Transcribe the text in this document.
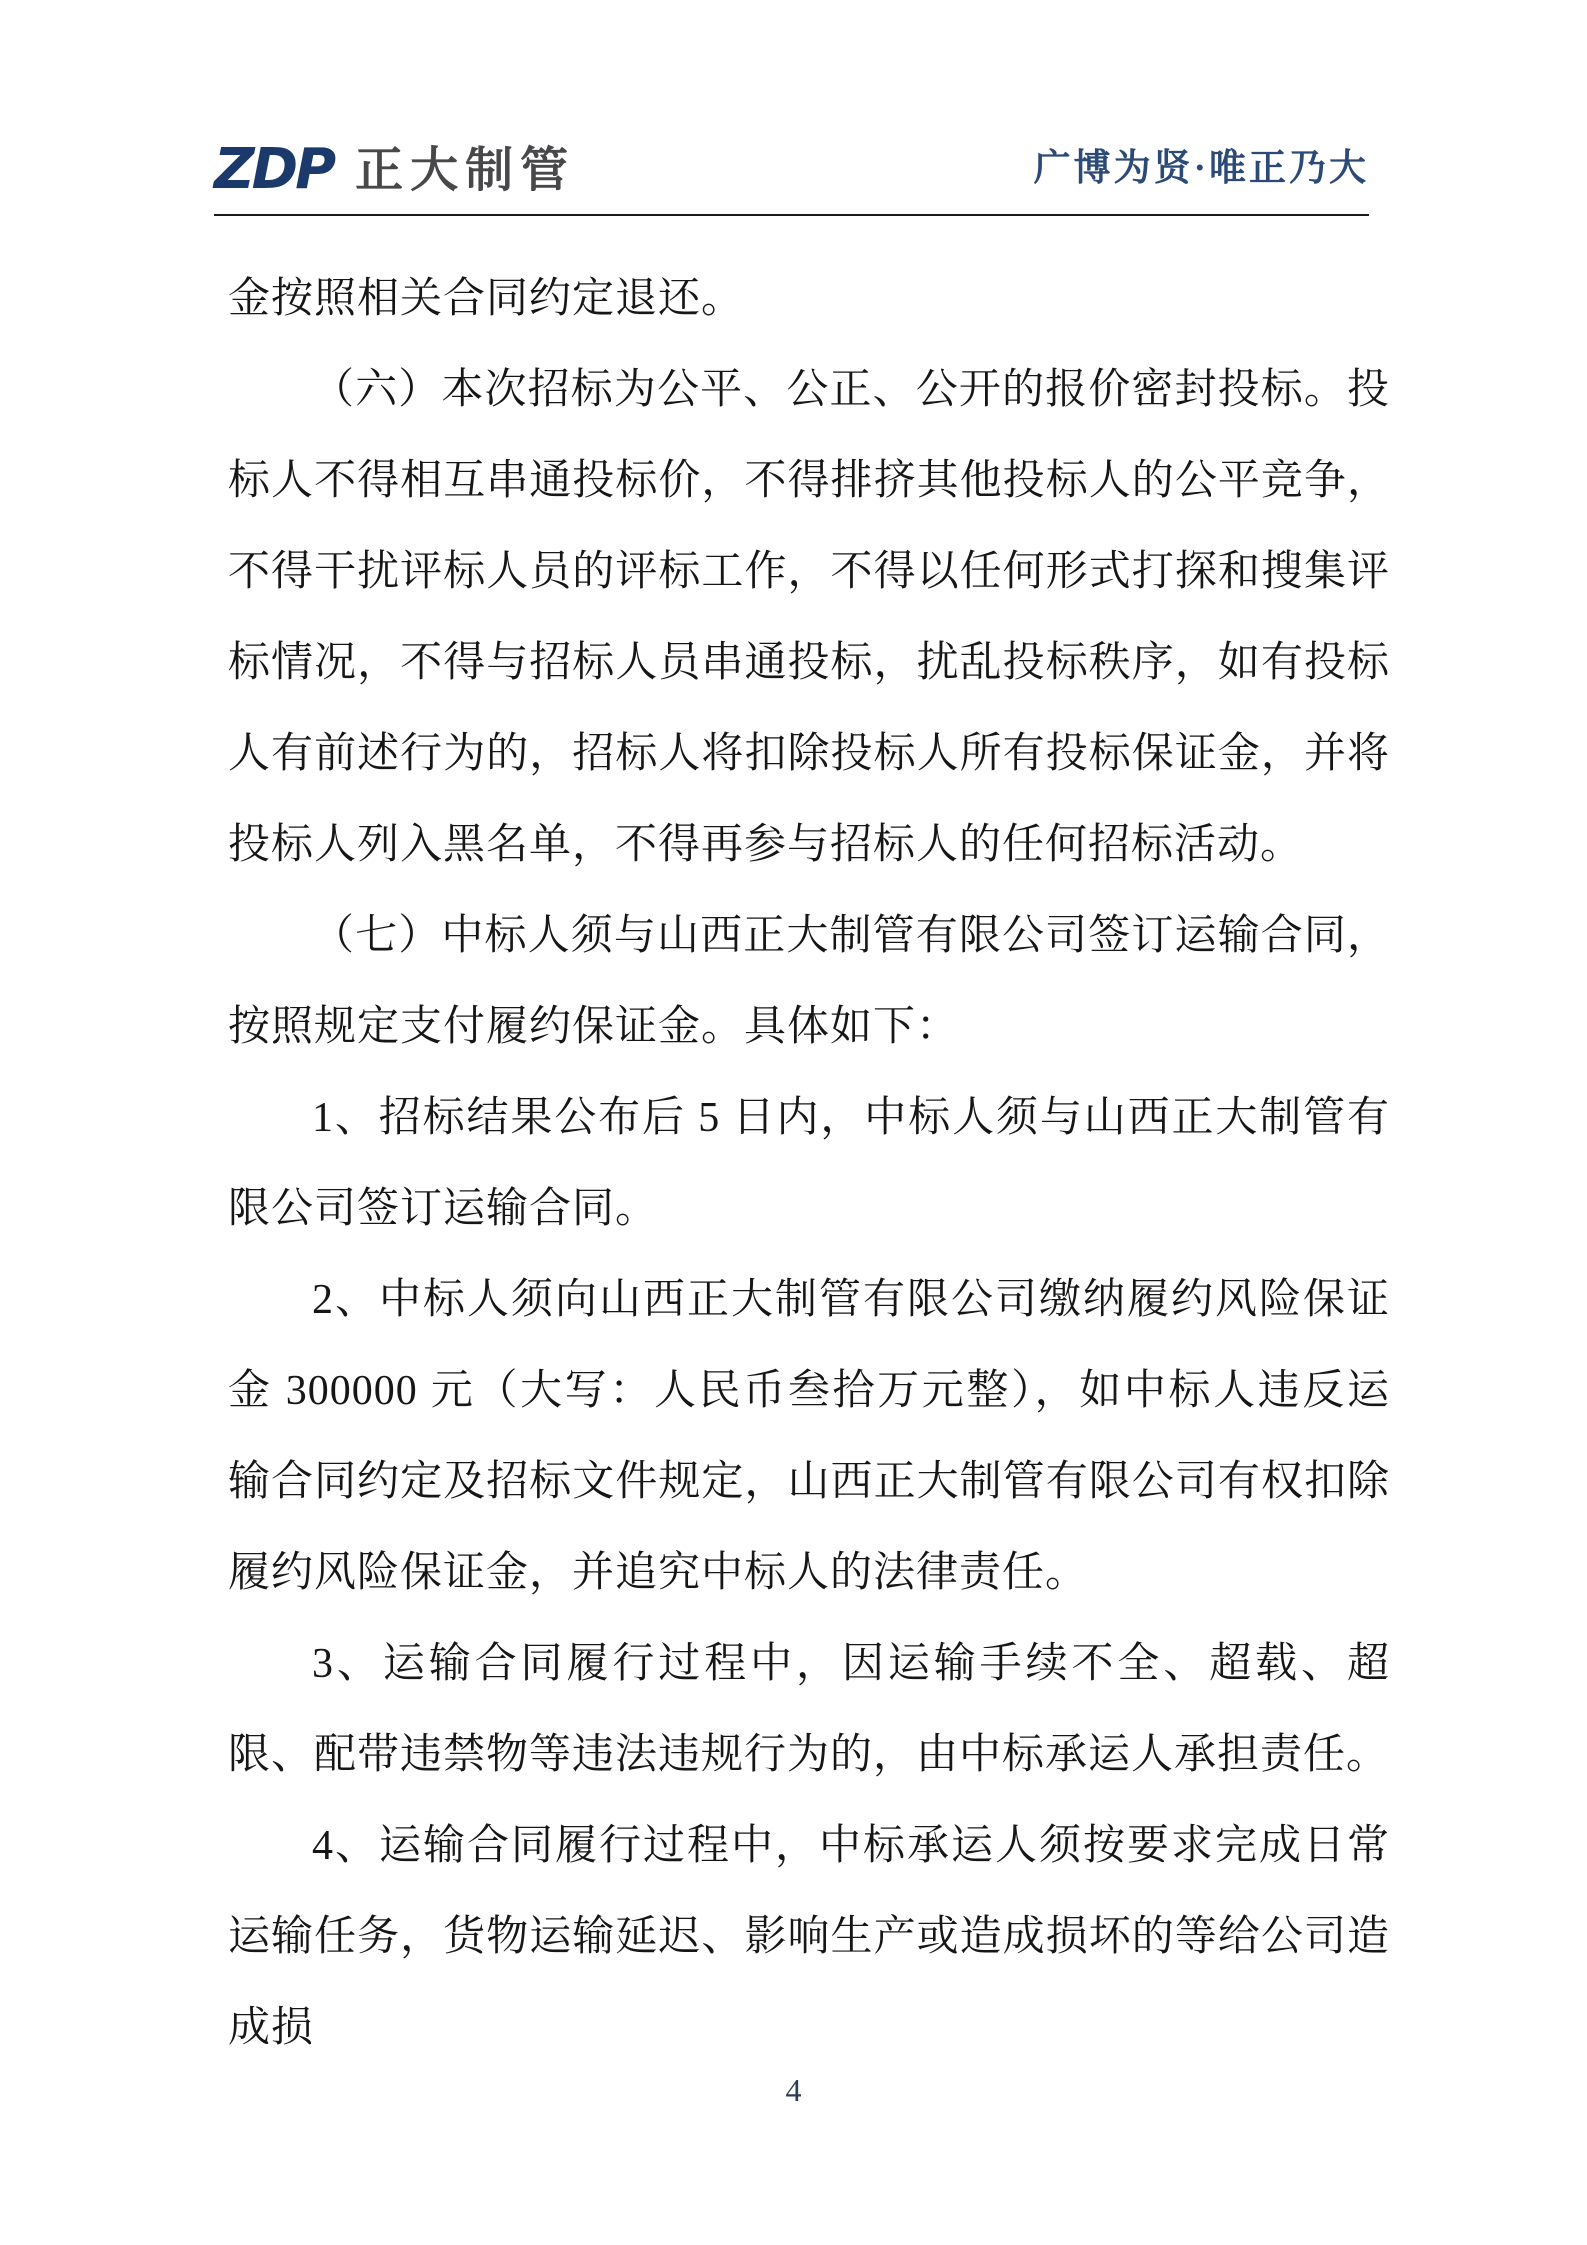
ZDP 正大制管	广博为贤·唯正乃大

金按照相关合同约定退还。

（六）本次招标为公平、公正、公开的报价密封投标。投标人不得相互串通投标价，不得排挤其他投标人的公平竞争，不得干扰评标人员的评标工作，不得以任何形式打探和搜集评标情况，不得与招标人员串通投标，扰乱投标秩序，如有投标人有前述行为的，招标人将扣除投标人所有投标保证金，并将投标人列入黑名单，不得再参与招标人的任何招标活动。

（七）中标人须与山西正大制管有限公司签订运输合同，按照规定支付履约保证金。具体如下：

1、招标结果公布后 5 日内，中标人须与山西正大制管有限公司签订运输合同。

2、中标人须向山西正大制管有限公司缴纳履约风险保证金 300000 元（大写：人民币叁拾万元整），如中标人违反运输合同约定及招标文件规定，山西正大制管有限公司有权扣除履约风险保证金，并追究中标人的法律责任。

3、运输合同履行过程中，因运输手续不全、超载、超限、配带违禁物等违法违规行为的，由中标承运人承担责任。

4、运输合同履行过程中，中标承运人须按要求完成日常运输任务，货物运输延迟、影响生产或造成损坏的等给公司造成损

4
